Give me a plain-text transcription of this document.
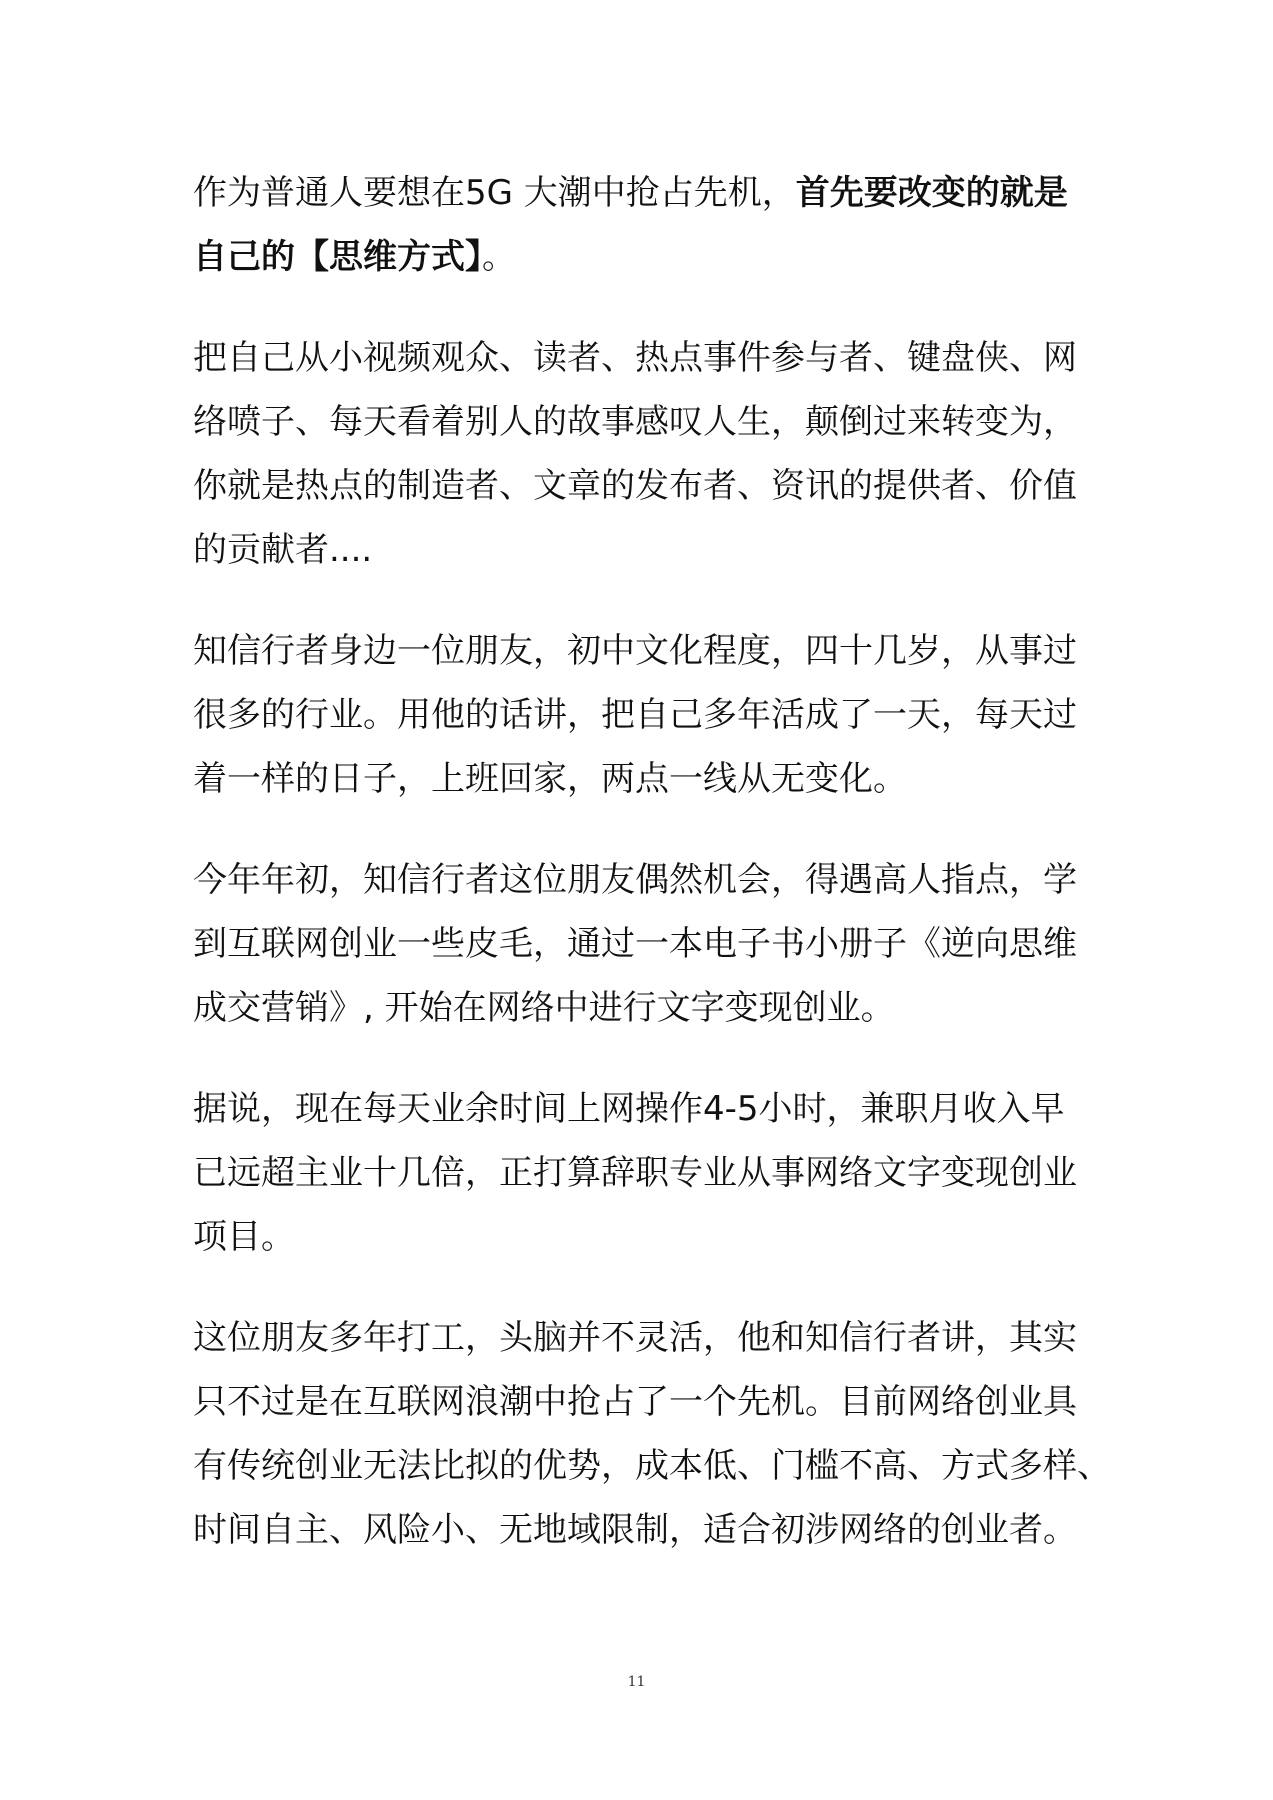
作为普通人要想在5G 大潮中抢占先机，首先要改变的就是
自己的【思维方式】。

把自己从小视频观众、读者、热点事件参与者、键盘侠、网
络喷子、每天看着别人的故事感叹人生，颠倒过来转变为，
你就是热点的制造者、文章的发布者、资讯的提供者、价值
的贡献者....

知信行者身边一位朋友，初中文化程度，四十几岁，从事过
很多的行业。用他的话讲，把自己多年活成了一天，每天过
着一样的日子，上班回家，两点一线从无变化。

今年年初，知信行者这位朋友偶然机会，得遇高人指点，学
到互联网创业一些皮毛，通过一本电子书小册子《逆向思维
成交营销》, 开始在网络中进行文字变现创业。

据说，现在每天业余时间上网操作4-5小时，兼职月收入早
已远超主业十几倍，正打算辞职专业从事网络文字变现创业
项目。

这位朋友多年打工，头脑并不灵活，他和知信行者讲，其实
只不过是在互联网浪潮中抢占了一个先机。目前网络创业具
有传统创业无法比拟的优势，成本低、门槛不高、方式多样、
时间自主、风险小、无地域限制，适合初涉网络的创业者。

11
